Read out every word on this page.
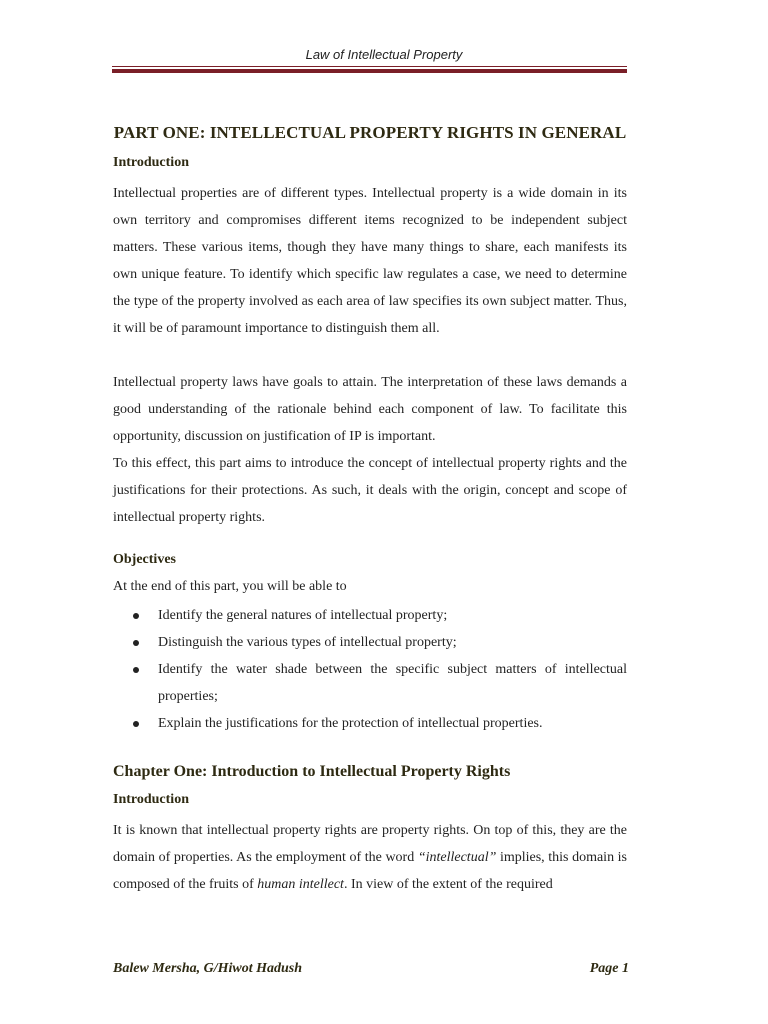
Law of Intellectual Property
PART ONE: INTELLECTUAL PROPERTY RIGHTS IN GENERAL
Introduction

Intellectual properties are of different types. Intellectual property is a wide domain in its own territory and compromises different items recognized to be independent subject matters. These various items, though they have many things to share, each manifests its own unique feature. To identify which specific law regulates a case, we need to determine the type of the property involved as each area of law specifies its own subject matter. Thus, it will be of paramount importance to distinguish them all.

Intellectual property laws have goals to attain. The interpretation of these laws demands a good understanding of the rationale behind each component of law. To facilitate this opportunity, discussion on justification of IP is important.

To this effect, this part aims to introduce the concept of intellectual property rights and the justifications for their protections. As such, it deals with the origin, concept and scope of intellectual property rights.

Objectives

At the end of this part, you will be able to

Identify the general natures of intellectual property;
Distinguish the various types of intellectual property;
Identify the water shade between the specific subject matters of intellectual properties;
Explain the justifications for the protection of intellectual properties.
Chapter One: Introduction to Intellectual Property Rights
Introduction

It is known that intellectual property rights are property rights. On top of this, they are the domain of properties. As the employment of the word “intellectual” implies, this domain is composed of the fruits of human intellect. In view of the extent of the required

Balew Mersha, G/Hiwot Hadush	Page 1
